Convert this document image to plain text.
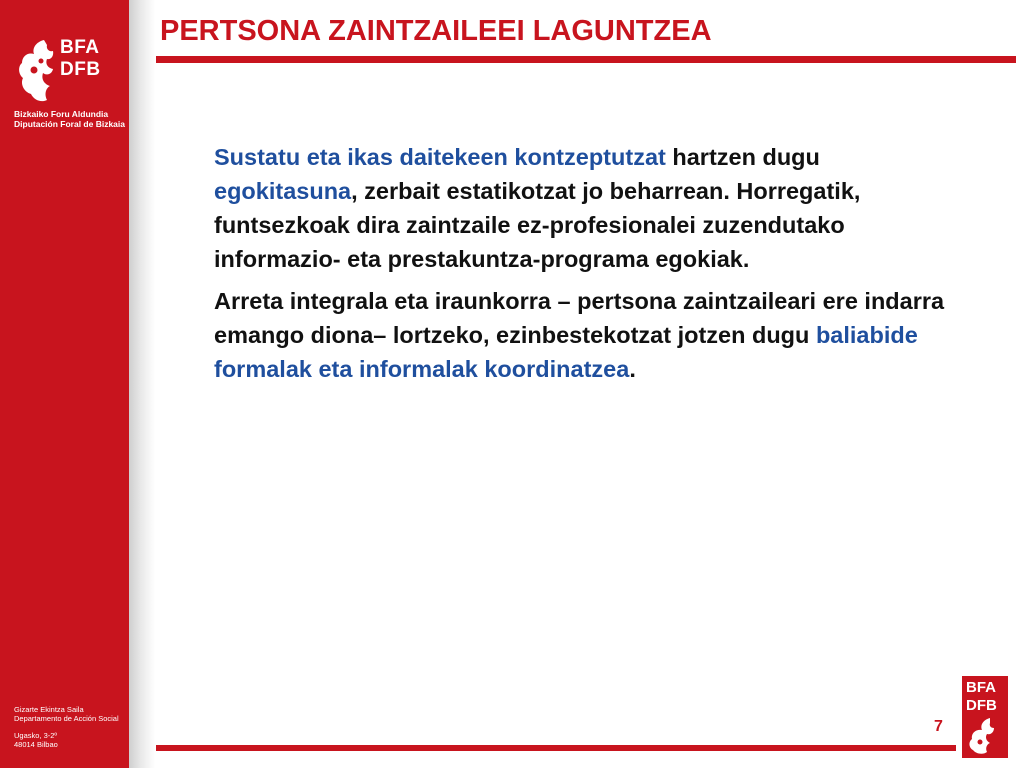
BFA
DFB
Bizkaiko Foru Aldundia
Diputación Foral de Bizkaia
Gizarte Ekintza Saila
Departamento de Acción Social
Ugasko, 3-2º
48014 Bilbao
PERTSONA ZAINTZAILEEI LAGUNTZEA

Sustatu eta ikas daitekeen kontzeptutzat hartzen dugu egokitasuna, zerbait estatikotzat jo beharrean. Horregatik, funtsezkoak dira zaintzaile ez-profesionalei zuzendutako informazio- eta prestakuntza-programa egokiak.

Arreta integrala eta iraunkorra – pertsona zaintzaileari ere indarra emango diona– lortzeko, ezinbestekotzat jotzen dugu baliabide formalak eta informalak koordinatzea.

7
BFA
DFB
